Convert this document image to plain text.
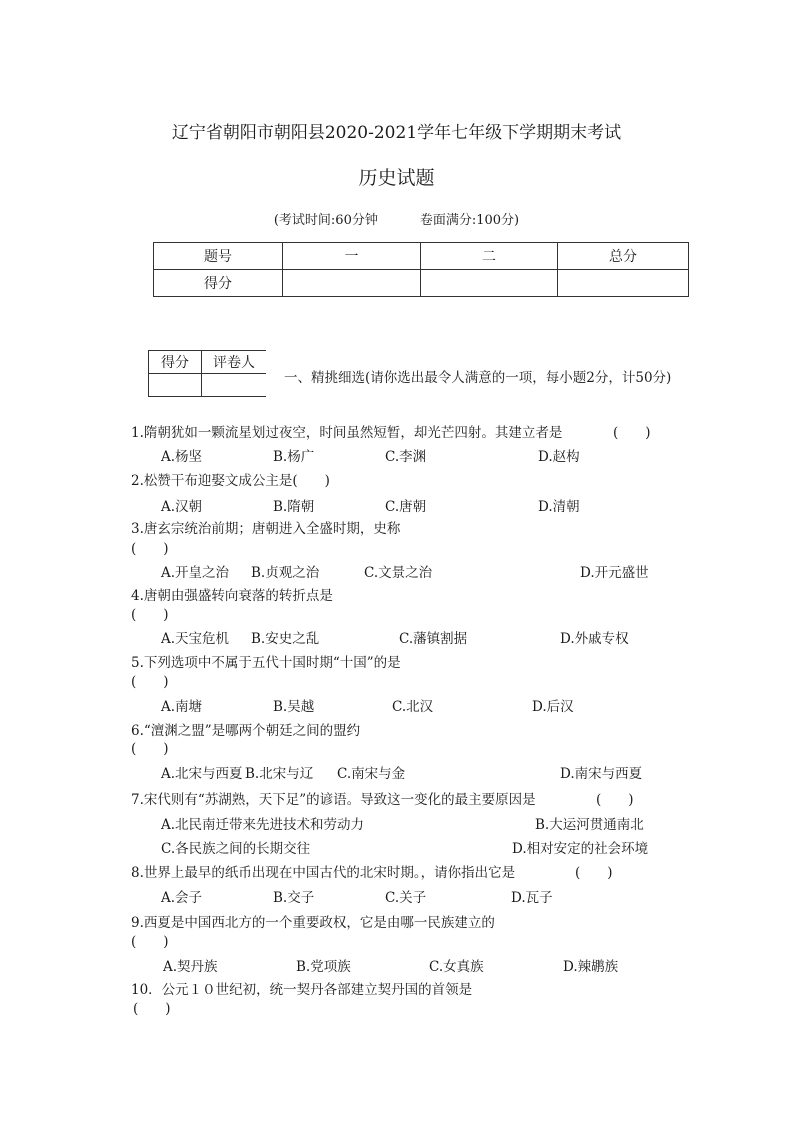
辽宁省朝阳市朝阳县2020-2021学年七年级下学期期末考试
历史试题
(考试时间:60分钟	卷面满分:100分)
题号	一	二	总分
得分			
得分	评卷人

一、精挑细选(请你选出最令人满意的一项，每小题2分，计50分)
1.隋朝犹如一颗流星划过夜空，时间虽然短暂，却光芒四射。其建立者是	(　　)
A.杨坚	B.杨广	C.李渊	D.赵构
2.松赞干布迎娶文成公主是(　　)
A.汉朝	B.隋朝	C.唐朝	D.清朝
3.唐玄宗统治前期；唐朝进入全盛时期，史称
(　　)
A.开皇之治 B.贞观之治	C.文景之治	D.开元盛世
4.唐朝由强盛转向衰落的转折点是
(　　)
A.天宝危机 B.安史之乱	C.藩镇割据	D.外戚专权
5.下列选项中不属于五代十国时期“十国”的是
(　　)
A.南塘	B.吴越	C.北汉	D.后汉
6.“澶渊之盟”是哪两个朝廷之间的盟约
(　　)
A.北宋与西夏 B.北宋与辽 C.南宋与金	D.南宋与西夏
7.宋代则有“苏湖熟，天下足”的谚语。导致这一变化的最主要原因是	(　　)
A.北民南迁带来先进技术和劳动力	B.大运河贯通南北
C.各民族之间的长期交往	D.相对安定的社会环境
8.世界上最早的纸币出现在中国古代的北宋时期。，请你指出它是	(　　)
A.会子	B.交子	C.关子	D.瓦子
9.西夏是中国西北方的一个重要政权，它是由哪一民族建立的
(　　)
A.契丹族	B.党项族	C.女真族	D.辣鹕族
10．公元１０世纪初，统一契丹各部建立契丹国的首领是
(　　)
